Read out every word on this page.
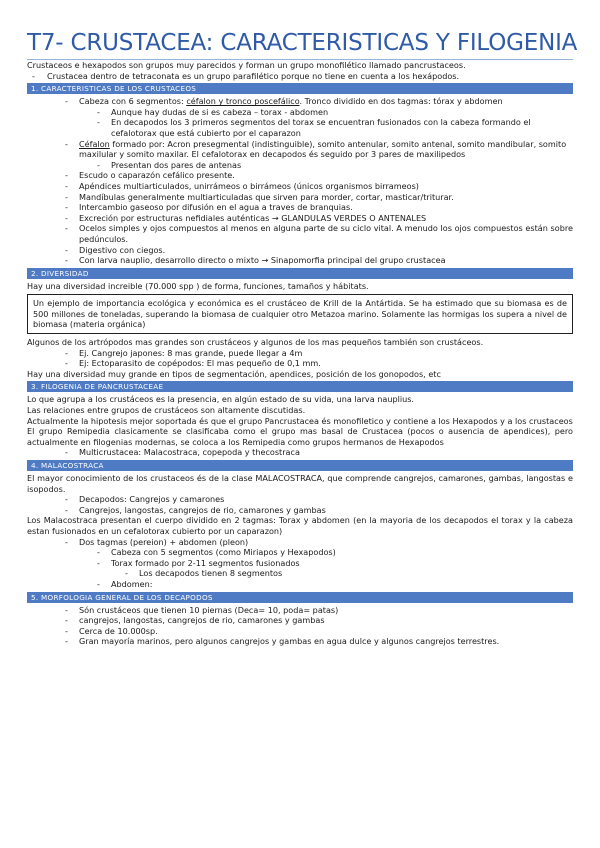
T7- CRUSTACEA: CARACTERISTICAS Y FILOGENIA

Crustaceos e hexapodos son grupos muy parecidos y forman un grupo monofilético llamado pancrustaceos.

- Crustacea dentro de tetraconata es un grupo parafilético porque no tiene en cuenta a los hexápodos.

1. CARACTERISTICAS DE LOS CRUSTACEOS

- Cabeza con 6 segmentos: céfalon y tronco poscefálico. Tronco dividido en dos tagmas: tórax y abdomen

- Aunque hay dudas de si es cabeza – torax - abdomen

- En decapodos los 3 primeros segmentos del torax se encuentran fusionados con la cabeza formando el cefalotorax que está cubierto por el caparazon

- Céfalon formado por: Acron presegmental (indistinguible), somito antenular, somito antenal, somito mandibular, somito maxilular y somito maxilar. El cefalotorax en decapodos és seguido por 3 pares de maxilipedos

- Presentan dos pares de antenas

- Escudo o caparazón cefálico presente.

- Apéndices multiarticulados, unirrámeos o birrámeos (únicos organismos birrameos)

- Mandíbulas generalmente multiarticuladas que sirven para morder, cortar, masticar/triturar.

- Intercambio gaseoso por difusión en el agua a traves de branquias.

- Excreción por estructuras nefidiales auténticas → GLANDULAS VERDES O ANTENALES

- Ocelos simples y ojos compuestos al menos en alguna parte de su ciclo vital. A menudo los ojos compuestos están sobre pedúnculos.

- Digestivo con ciegos.

- Con larva nauplio, desarrollo directo o mixto → Sinapomorfia principal del grupo crustacea

2. DIVERSIDAD

Hay una diversidad increible (70.000 spp ) de forma, funciones, tamaños y hábitats.

Un ejemplo de importancia ecológica y económica es el crustáceo de Krill de la Antártida. Se ha estimado que su biomasa es de 500 millones de toneladas, superando la biomasa de cualquier otro Metazoa marino. Solamente las hormigas los supera a nivel de biomasa (materia orgánica)

Algunos de los artrópodos mas grandes son crustáceos y algunos de los mas pequeños también son crustáceos.

- Ej. Cangrejo japones: 8 mas grande, puede llegar a 4m

- Ej: Ectoparasito de copépodos: El mas pequeño de 0,1 mm.

Hay una diversidad muy grande en tipos de segmentación, apendices, posición de los gonopodos, etc

3. FILOGENIA DE PANCRUSTACEAE

Lo que agrupa a los crustáceos es la presencia, en algún estado de su vida, una larva nauplius.

Las relaciones entre grupos de crustáceos son altamente discutidas.

Actualmente la hipotesis mejor soportada és que el grupo Pancrustacea és monofiletico y contiene a los Hexapodos y a los crustaceos

El grupo Remipedia clasicamente se clasificaba como el grupo mas basal de Crustacea (pocos o ausencia de apendices), pero actualmente en filogenias modernas, se coloca a los Remipedia como grupos hermanos de Hexapodos

- Multicrustacea: Malacostraca, copepoda y thecostraca

4. MALACOSTRACA

El mayor conocimiento de los crustaceos és de la clase MALACOSTRACA, que comprende cangrejos, camarones, gambas, langostas e isopodos.

- Decapodos: Cangrejos y camarones

- Cangrejos, langostas, cangrejos de rio, camarones y gambas

Los Malacostraca presentan el cuerpo dividido en 2 tagmas: Torax y abdomen (en la mayoria de los decapodos el torax y la cabeza estan fusionados en un cefalotorax cubierto por un caparazon)

- Dos tagmas (pereion) + abdomen (pleon)

- Cabeza con 5 segmentos (como Miriapos y Hexapodos)

- Torax formado por 2-11 segmentos fusionados

- Los decapodos tienen 8 segmentos

- Abdomen:

5. MORFOLOGIA GENERAL DE LOS DECAPODOS

- Són crustáceos que tienen 10 piernas (Deca= 10, poda= patas)

- cangrejos, langostas, cangrejos de rio, camarones y gambas

- Cerca de 10.000sp.

- Gran mayoría marinos, pero algunos cangrejos y gambas en agua dulce y algunos cangrejos terrestres.
